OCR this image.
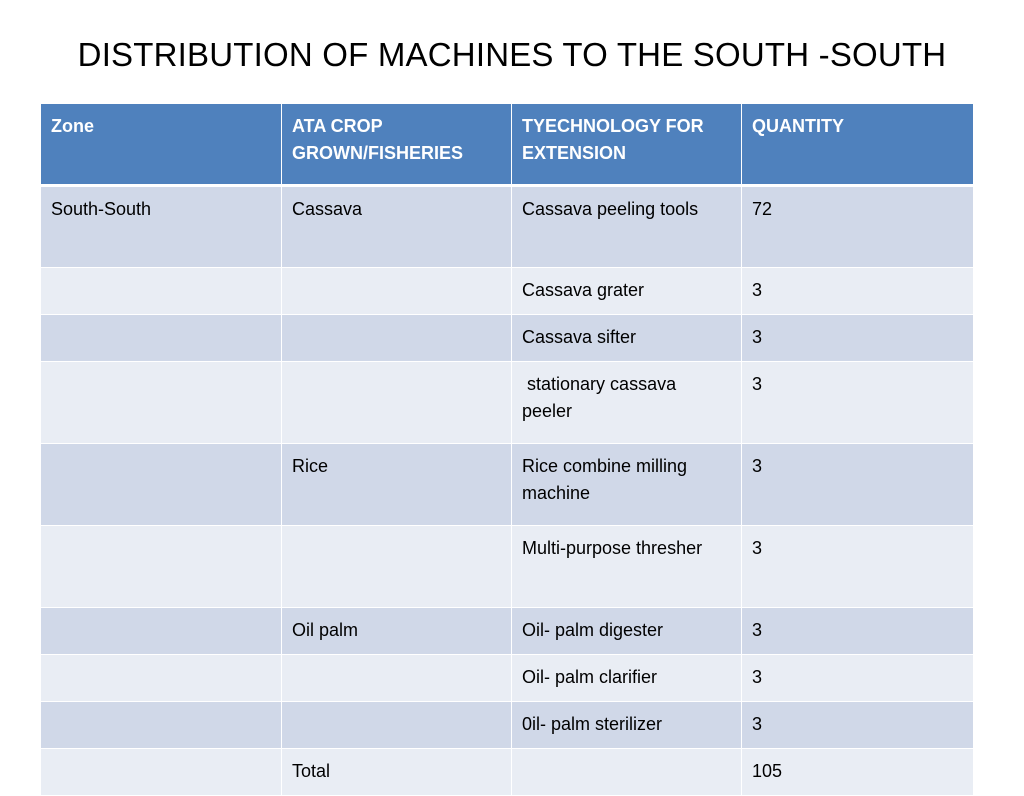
DISTRIBUTION OF MACHINES TO THE SOUTH -SOUTH
Zone	ATA CROP GROWN/FISHERIES	TYECHNOLOGY FOR EXTENSION	QUANTITY
South-South	Cassava	Cassava peeling tools	72
		Cassava grater	3
		Cassava sifter	3
		stationary cassava peeler	3
	Rice	Rice combine milling machine	3
		Multi-purpose thresher	3
	Oil palm	Oil- palm digester	3
		Oil- palm clarifier	3
		0il- palm sterilizer	3
	Total		105
